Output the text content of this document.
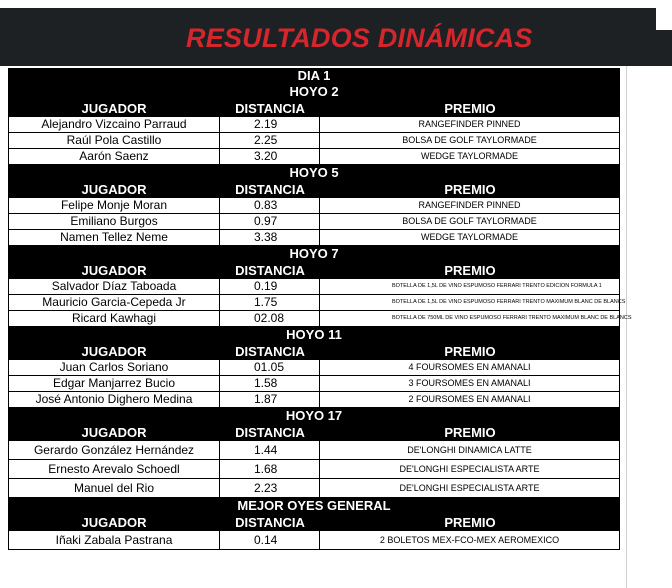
RESULTADOS DINÁMICAS
DIA 1
HOYO 2
JUGADOR	DISTANCIA	PREMIO
Alejandro Vizcaino Parraud	2.19	RANGEFINDER PINNED
Raúl Pola Castillo	2.25	BOLSA DE GOLF TAYLORMADE
Aarón Saenz	3.20	WEDGE TAYLORMADE
HOYO 5
JUGADOR	DISTANCIA	PREMIO
Felipe Monje Moran	0.83	RANGEFINDER PINNED
Emiliano Burgos	0.97	BOLSA DE GOLF TAYLORMADE
Namen Tellez Neme	3.38	WEDGE TAYLORMADE
HOYO 7
JUGADOR	DISTANCIA	PREMIO
Salvador Díaz Taboada	0.19	BOTELLA DE 1,5L DE VINO ESPUMOSO FERRARI TRENTO EDICION FORMULA 1
Mauricio Garcia-Cepeda Jr	1.75	BOTELLA DE 1,5L DE VINO ESPUMOSO FERRARI TRENTO MAXIMUM BLANC DE BLANCS
Ricard Kawhagi	02.08	BOTELLA DE 750ML DE VINO ESPUMOSO FERRARI TRENTO MAXIMUM BLANC DE BLANCS
HOYO 11
JUGADOR	DISTANCIA	PREMIO
Juan Carlos Soriano	01.05	4 FOURSOMES EN AMANALI
Edgar Manjarrez Bucio	1.58	3 FOURSOMES EN AMANALI
José Antonio Dighero Medina	1.87	2 FOURSOMES EN AMANALI
HOYO 17
JUGADOR	DISTANCIA	PREMIO
Gerardo González Hernández	1.44	DE'LONGHI DINAMICA LATTE
Ernesto Arevalo Schoedl	1.68	DE'LONGHI ESPECIALISTA ARTE
Manuel del Rio	2.23	DE'LONGHI ESPECIALISTA ARTE
MEJOR OYES GENERAL
JUGADOR	DISTANCIA	PREMIO
Iñaki Zabala Pastrana	0.14	2 BOLETOS MEX-FCO-MEX AEROMEXICO
